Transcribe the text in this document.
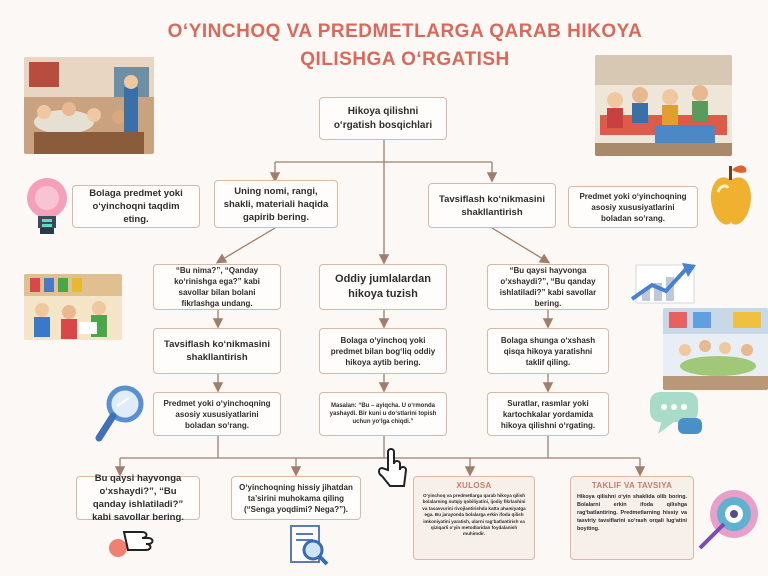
O‘YINCHOQ VA PREDMETLARGA QARAB HIKOYA QILISHGA O‘RGATISH
Hikoya qilishni o‘rgatish bosqichlari
Bolaga predmet yoki o‘yinchoqni taqdim eting.
Uning nomi, rangi, shakli, materiali haqida gapirib bering.
Tavsiflash ko‘nikmasini shakllantirish
Predmet yoki o‘yinchoqning asosiy xususiyatlarini boladan so‘rang.
“Bu nima?”, “Qanday ko‘rinishga ega?” kabi savollar bilan bolani fikrlashga undang.
Tavsiflash ko‘nikmasini shakllantirish
Predmet yoki o‘yinchoqning asosiy xususiyatlarini boladan so‘rang.
Oddiy jumlalardan hikoya tuzish
Bolaga o‘yinchoq yoki predmet bilan bog‘liq oddiy hikoya aytib bering.
Masalan: “Bu – ayiqcha. U o‘rmonda yashaydi. Bir kuni u do‘stlarini topish uchun yo‘lga chiqdi.”
“Bu qaysi hayvonga o‘xshaydi?”, “Bu qanday ishlatiladi?” kabi savollar bering.
Bolaga shunga o‘xshash qisqa hikoya yaratishni taklif qiling.
Suratlar, rasmlar yoki kartochkalar yordamida hikoya qilishni o‘rgating.
Bu qaysi hayvonga o‘xshaydi?”, “Bu qanday ishlatiladi?” kabi savollar bering.
O‘yinchoqning hissiy jihatdan ta’sirini muhokama qiling (“Senga yoqdimi? Nega?”).
XULOSA
O‘yinchoq va predmetlarga qarab hikoya qilish bolalarning nutqiy qobiliyatini, ijodiy fikrlashini va tasavvurini rivojlantirishda katta ahamiyatga ega. Bu jarayonda bolalarga erkin ifoda qilish imkoniyatini yaratish, ularni rag‘batlantirish va qiziqarli o‘yin metodlaridan foydalanish muhimdir.
TAKLIF VA TAVSIYA
Hikoya qilishni o‘yin shaklida olib boring. Bolalarni erkin ifoda qilishga rag‘batlantiring. Predmetlarning hissiy va tasviriy tavsiflarini so‘rash orqali lug‘atini boyiting.
